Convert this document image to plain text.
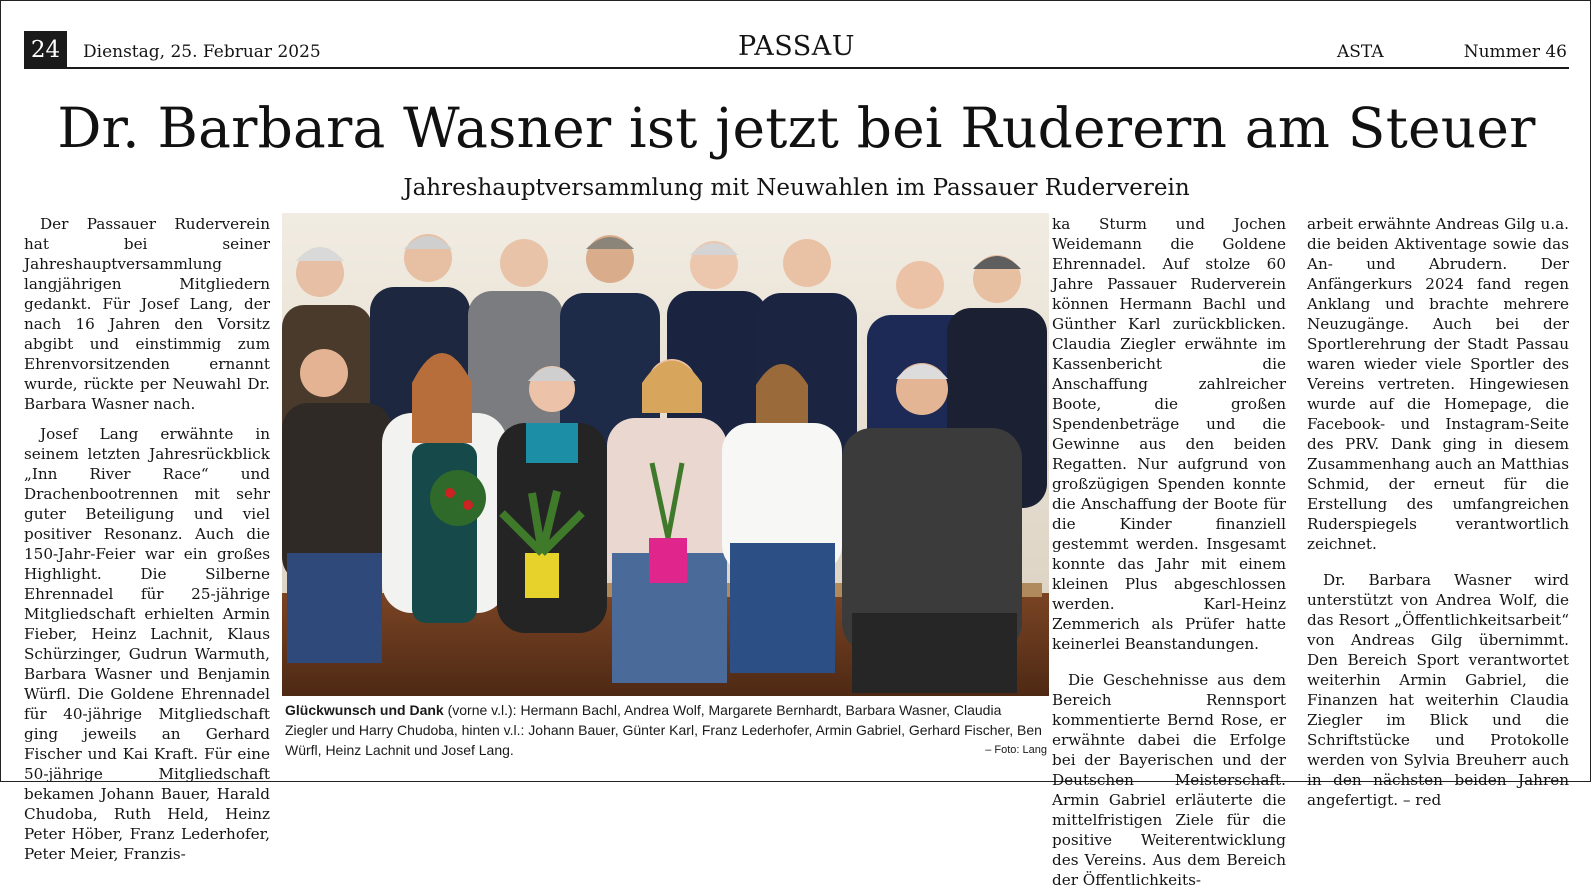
24	Dienstag, 25. Februar 2025	PASSAU	ASTA	Nummer 46
Dr. Barbara Wasner ist jetzt bei Ruderern am Steuer
Jahreshauptversammlung mit Neuwahlen im Passauer Ruderverein

Der Passauer Ruderverein hat bei seiner Jahreshauptversammlung langjährigen Mitgliedern gedankt. Für Josef Lang, der nach 16 Jahren den Vorsitz abgibt und einstimmig zum Ehrenvorsitzenden ernannt wurde, rückte per Neuwahl Dr. Barbara Wasner nach.

Josef Lang erwähnte in seinem letzten Jahresrückblick „Inn River Race“ und Drachenbootrennen mit sehr guter Beteiligung und viel positiver Resonanz. Auch die 150-Jahr-Feier war ein großes Highlight. Die Silberne Ehrennadel für 25-jährige Mitgliedschaft erhielten Armin Fieber, Heinz Lachnit, Klaus Schürzinger, Gudrun Warmuth, Barbara Wasner und Benjamin Würfl. Die Goldene Ehrennadel für 40-jährige Mitgliedschaft ging jeweils an Gerhard Fischer und Kai Kraft. Für eine 50-jährige Mitgliedschaft bekamen Johann Bauer, Harald Chudoba, Ruth Held, Heinz Peter Höber, Franz Lederhofer, Peter Meier, Franzis-

Glückwunsch und Dank (vorne v.l.): Hermann Bachl, Andrea Wolf, Margarete Bernhardt, Barbara Wasner, Claudia Ziegler und Harry Chudoba, hinten v.l.: Johann Bauer, Günter Karl, Franz Lederhofer, Armin Gabriel, Gerhard Fischer, Ben Würfl, Heinz Lachnit und Josef Lang.	– Foto: Lang

ka Sturm und Jochen Weidemann die Goldene Ehrennadel. Auf stolze 60 Jahre Passauer Ruderverein können Hermann Bachl und Günther Karl zurückblicken. Claudia Ziegler erwähnte im Kassenbericht die Anschaffung zahlreicher Boote, die großen Spendenbeträge und die Gewinne aus den beiden Regatten. Nur aufgrund von großzügigen Spenden konnte die Anschaffung der Boote für die Kinder finanziell gestemmt werden. Insgesamt konnte das Jahr mit einem kleinen Plus abgeschlossen werden. Karl-Heinz Zemmerich als Prüfer hatte keinerlei Beanstandungen.

Die Geschehnisse aus dem Bereich Rennsport kommentierte Bernd Rose, er erwähnte dabei die Erfolge bei der Bayerischen und der Deutschen Meisterschaft. Armin Gabriel erläuterte die mittelfristigen Ziele für die positive Weiterentwicklung des Vereins. Aus dem Bereich der Öffentlichkeits-

arbeit erwähnte Andreas Gilg u.a. die beiden Aktiventage sowie das An- und Abrudern. Der Anfängerkurs 2024 fand regen Anklang und brachte mehrere Neuzugänge. Auch bei der Sportlerehrung der Stadt Passau waren wieder viele Sportler des Vereins vertreten. Hingewiesen wurde auf die Homepage, die Facebook- und Instagram-Seite des PRV. Dank ging in diesem Zusammenhang auch an Matthias Schmid, der erneut für die Erstellung des umfangreichen Ruderspiegels verantwortlich zeichnet.

Dr. Barbara Wasner wird unterstützt von Andrea Wolf, die das Resort „Öffentlichkeitsarbeit“ von Andreas Gilg übernimmt. Den Bereich Sport verantwortet weiterhin Armin Gabriel, die Finanzen hat weiterhin Claudia Ziegler im Blick und die Schriftstücke und Protokolle werden von Sylvia Breuherr auch in den nächsten beiden Jahren angefertigt. – red
